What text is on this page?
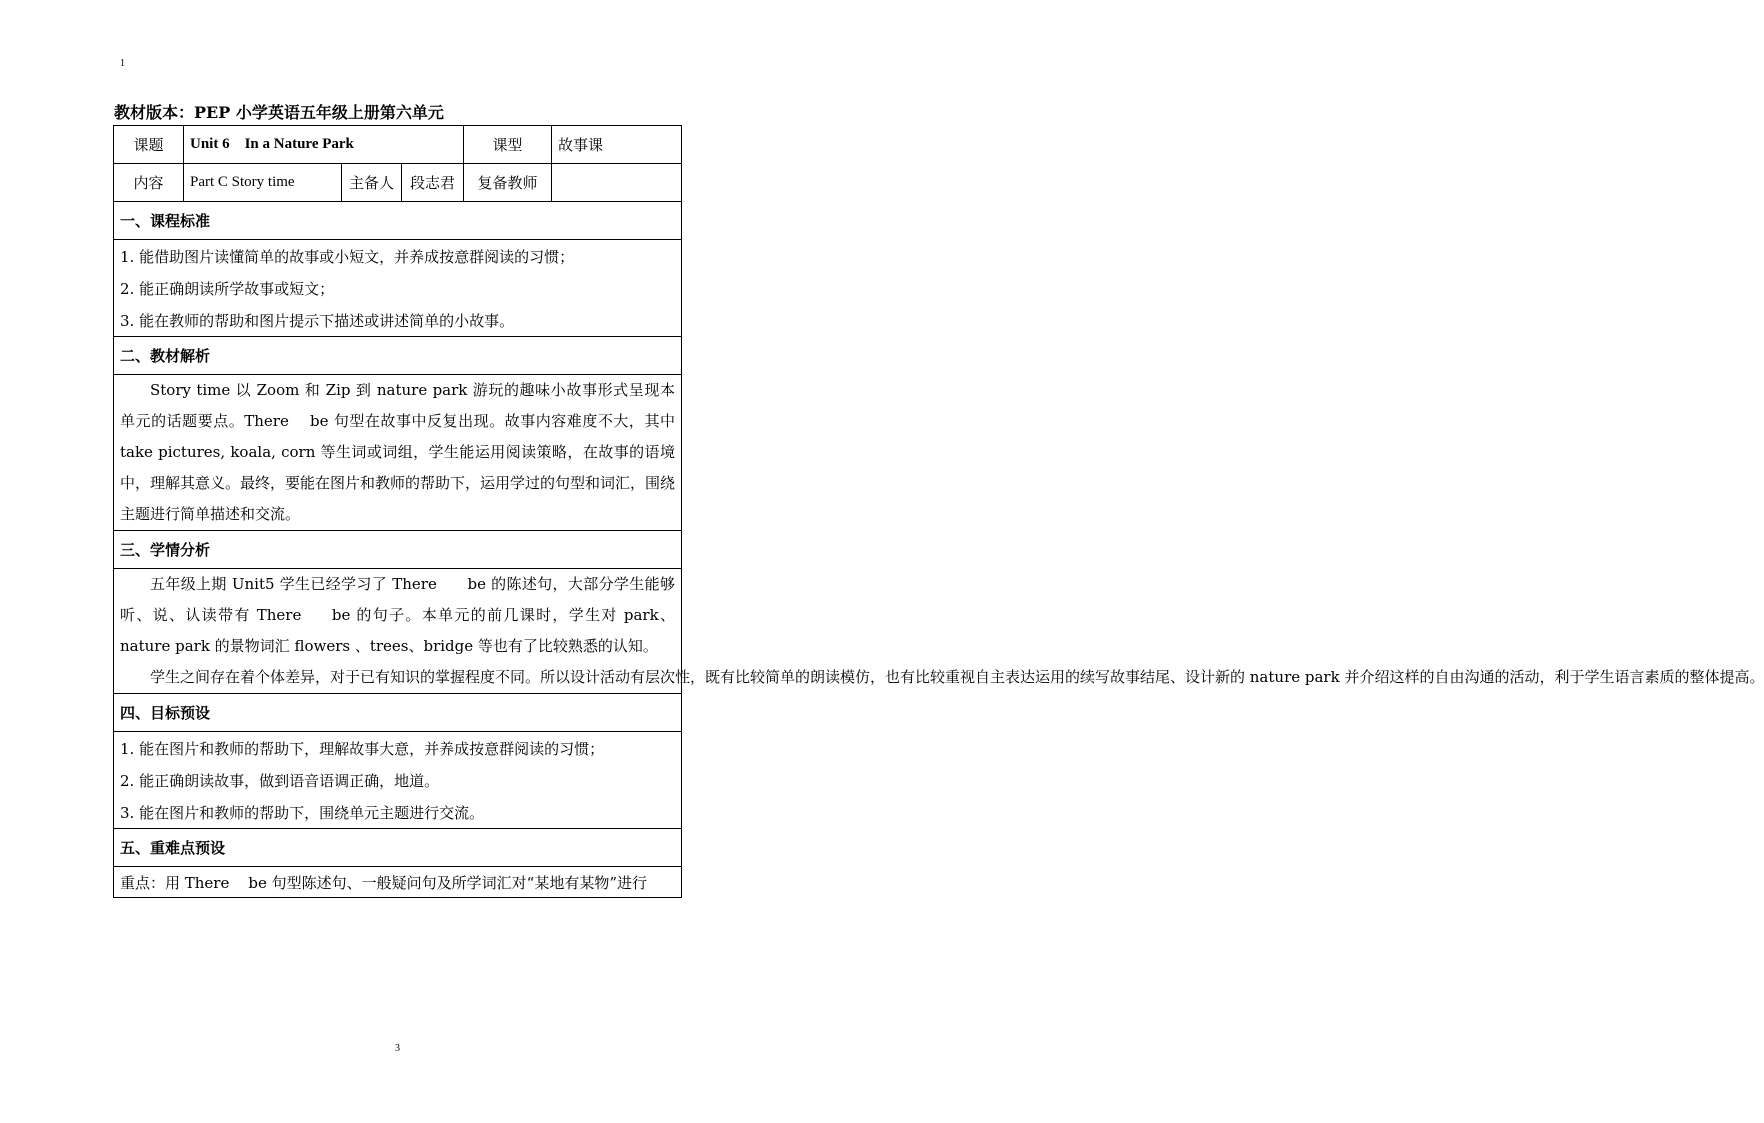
1
教材版本：PEP 小学英语五年级上册第六单元
课题	Unit 6    In a Nature Park			课型	故事课
内容	Part C Story time	主备人	段志君	复备教师	
一、课程标准					
1. 能借助图片读懂简单的故事或小短文，并养成按意群阅读的习惯；					
2. 能正确朗读所学故事或短文；					
3. 能在教师的帮助和图片提示下描述或讲述简单的小故事。					
二、教材解析					

Story time 以 Zoom 和 Zip 到 nature park 游玩的趣味小故事形式呈现本单元的话题要点。There    be 句型在故事中反复出现。故事内容难度不大，其中 take pictures, koala, corn 等生词或词组，学生能运用阅读策略，在故事的语境中，理解其意义。最终，要能在图片和教师的帮助下，运用学过的句型和词汇，围绕主题进行简单描述和交流。					

三、学情分析					

五年级上期 Unit5 学生已经学习了 There      be 的陈述句，大部分学生能够听、说、认读带有 There     be 的句子。本单元的前几课时，学生对 park、nature park 的景物词汇 flowers 、trees、bridge 等也有了比较熟悉的认知。

学生之间存在着个体差异，对于已有知识的掌握程度不同。所以设计活动有层次性，既有比较简单的朗读模仿，也有比较重视自主表达运用的续写故事结尾、设计新的 nature park 并介绍这样的自由沟通的活动，利于学生语言素质的整体提高。					

四、目标预设					
1. 能在图片和教师的帮助下，理解故事大意，并养成按意群阅读的习惯；					
2. 能正确朗读故事，做到语音语调正确，地道。					
3. 能在图片和教师的帮助下，围绕单元主题进行交流。					
五、重难点预设					
重点：用 There    be 句型陈述句、一般疑问句及所学词汇对“某地有某物”进行					
3
